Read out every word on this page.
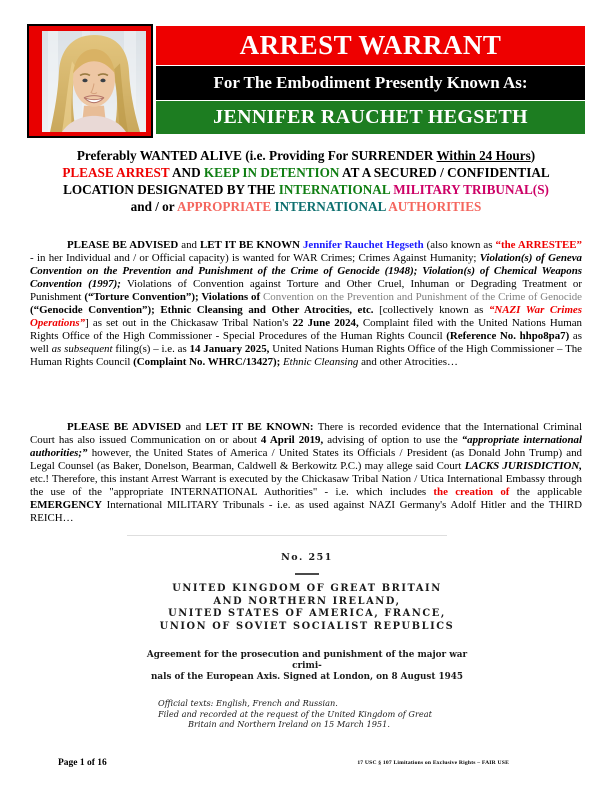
ARREST WARRANT
For The Embodiment Presently Known As:
JENNIFER RAUCHET HEGSETH
Preferably WANTED ALIVE (i.e. Providing For SURRENDER Within 24 Hours)
PLEASE ARREST AND KEEP IN DETENTION AT A SECURED / CONFIDENTIAL
LOCATION DESIGNATED BY THE INTERNATIONAL MILITARY TRIBUNAL(S)
and / or APPROPRIATE INTERNATIONAL AUTHORITIES

PLEASE BE ADVISED and LET IT BE KNOWN Jennifer Rauchet Hegseth (also known as “the ARRESTEE” - in her Individual and / or Official capacity) is wanted for WAR Crimes; Crimes Against Humanity; Violation(s) of Geneva Convention on the Prevention and Punishment of the Crime of Genocide (1948); Violation(s) of Chemical Weapons Convention (1997); Violations of Convention against Torture and Other Cruel, Inhuman or Degrading Treatment or Punishment (“Torture Convention”); Violations of Convention on the Prevention and Punishment of the Crime of Genocide (“Genocide Convention”); Ethnic Cleansing and Other Atrocities, etc. [collectively known as “NAZI War Crimes Operations”] as set out in the Chickasaw Tribal Nation's 22 June 2024, Complaint filed with the United Nations Human Rights Office of the High Commissioner - Special Procedures of the Human Rights Council (Reference No. hhpo8pa7) as well as subsequent filing(s) – i.e. as 14 January 2025, United Nations Human Rights Office of the High Commissioner – The Human Rights Council (Complaint No. WHRC/13427); Ethnic Cleansing and other Atrocities…

PLEASE BE ADVISED and LET IT BE KNOWN: There is recorded evidence that the International Criminal Court has also issued Communication on or about 4 April 2019, advising of option to use the “appropriate international authorities;” however, the United States of America / United States its Officials / President (as Donald John Trump) and Legal Counsel (as Baker, Donelson, Bearman, Caldwell & Berkowitz P.C.) may allege said Court LACKS JURISDICTION, etc.! Therefore, this instant Arrest Warrant is executed by the Chickasaw Tribal Nation / Utica International Embassy through the use of the "appropriate INTERNATIONAL Authorities" - i.e. which includes the creation of the applicable EMERGENCY International MILITARY Tribunals - i.e. as used against NAZI Germany's Adolf Hitler and the THIRD REICH…

No. 251
UNITED KINGDOM OF GREAT BRITAIN
AND NORTHERN IRELAND,
UNITED STATES OF AMERICA, FRANCE,
UNION OF SOVIET SOCIALIST REPUBLICS
Agreement for the prosecution and punishment of the major war crimi-
nals of the European Axis. Signed at London, on 8 August 1945
Official texts: English, French and Russian.
Filed and recorded at the request of the United Kingdom of Great Britain and Northern Ireland on 15 March 1951.
Page 1 of 16	17 USC § 107 Limitations on Exclusive Rights – FAIR USE
